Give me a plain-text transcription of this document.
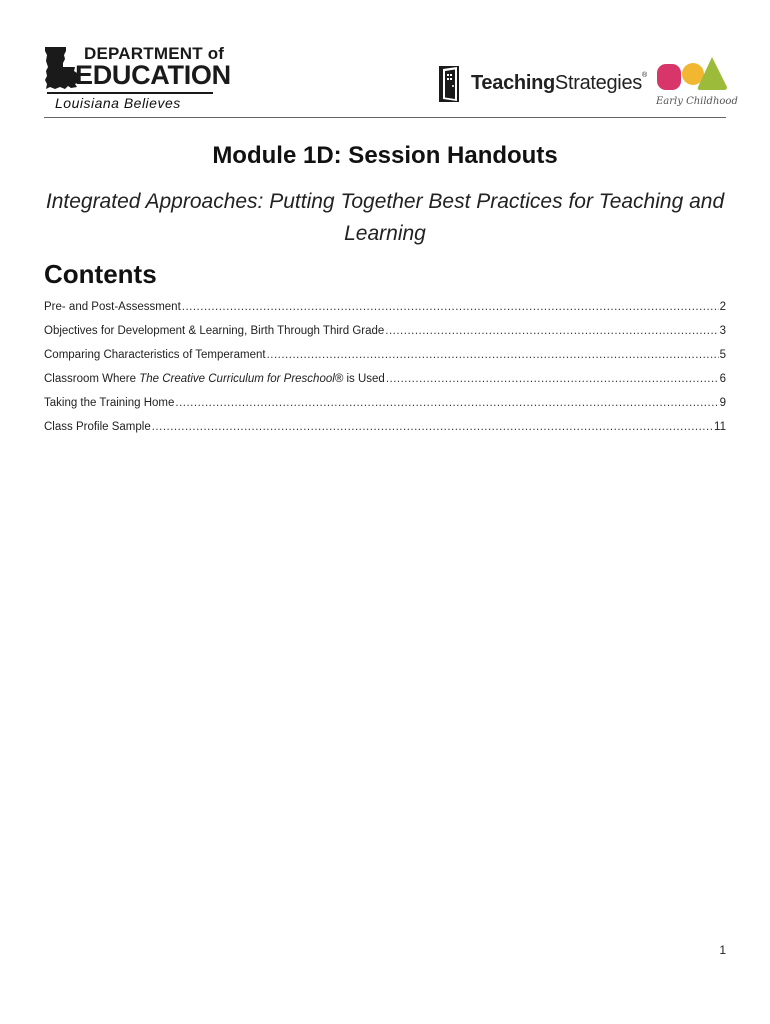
DEPARTMENT of
EDUCATION
Louisiana Believes
TeachingStrategies®
Early Childhood
Module 1D: Session Handouts
Integrated Approaches: Putting Together Best Practices for Teaching and Learning
Contents
Pre- and Post-Assessment .....	2
Objectives for Development & Learning, Birth Through Third Grade .....	3
Comparing Characteristics of Temperament .....	5
Classroom Where The Creative Curriculum for Preschool® is Used .....	6
Taking the Training Home .....	9
Class Profile Sample .....	11
1
